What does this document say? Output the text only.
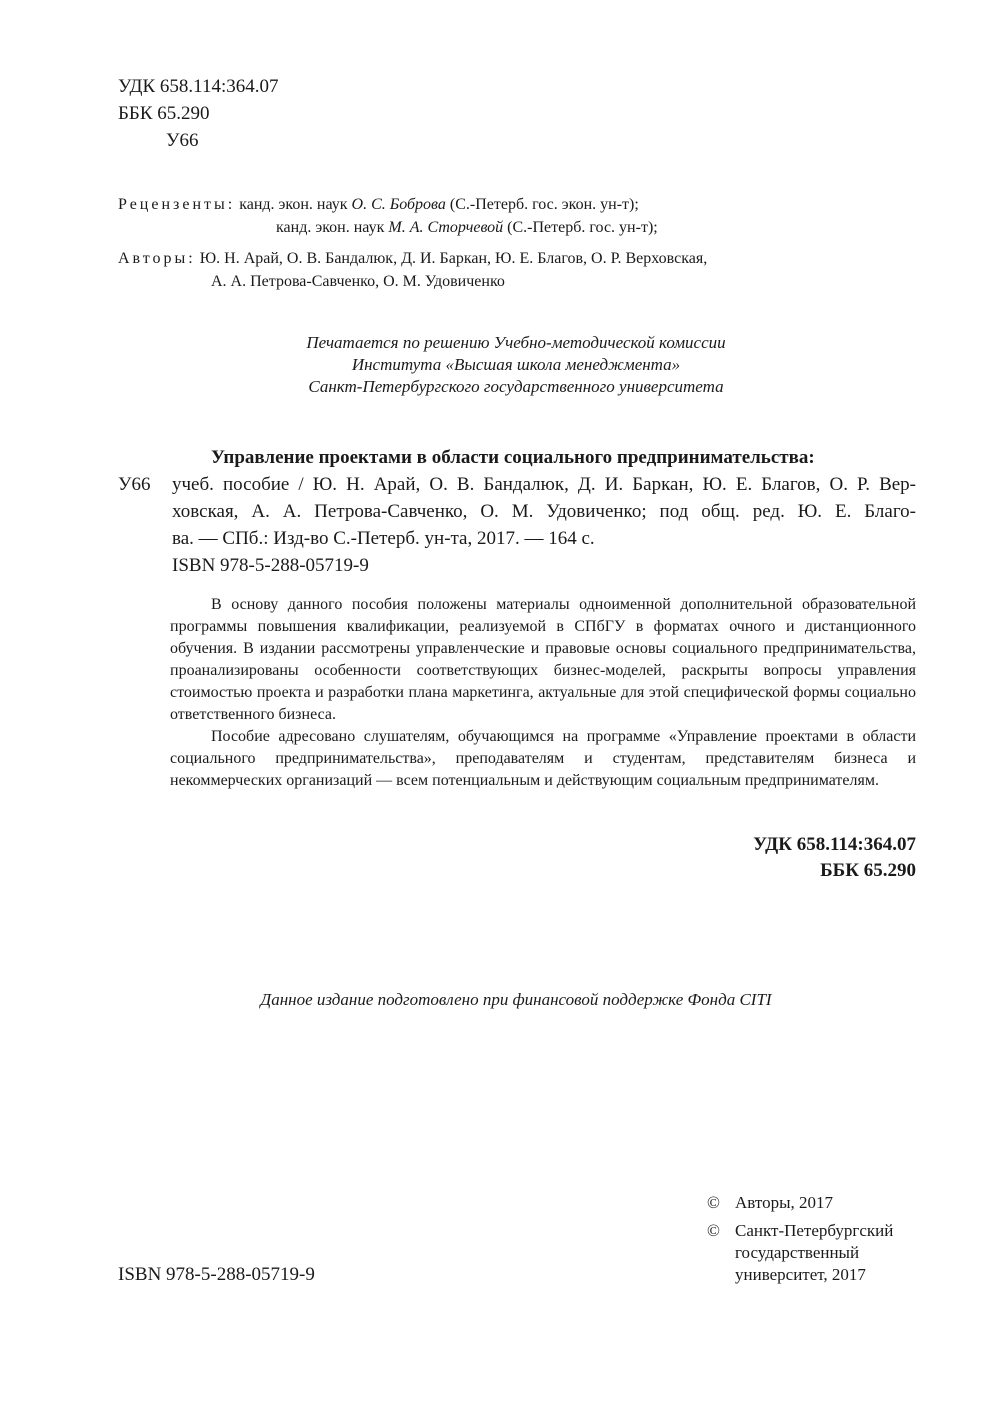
УДК 658.114:364.07
ББК 65.290
У66
Рецензенты: канд. экон. наук О. С. Боброва (С.-Петерб. гос. экон. ун-т);
канд. экон. наук М. А. Сторчевой (С.-Петерб. гос. ун-т);
Авторы: Ю. Н. Арай, О. В. Бандалюк, Д. И. Баркан, Ю. Е. Благов, О. Р. Верховская,
А. А. Петрова-Савченко, О. М. Удовиченко
Печатается по решению Учебно-методической комиссии
Института «Высшая школа менеджмента»
Санкт-Петербургского государственного университета
Управление проектами в области социального предпринимательства:
У66	учеб. пособие / Ю. Н. Арай, О. В. Бандалюк, Д. И. Баркан, Ю. Е. Благов, О. Р. Вер-
ховская, А. А. Петрова-Савченко, О. М. Удовиченко; под общ. ред. Ю. Е. Благо-
ва. — СПб.: Изд-во С.-Петерб. ун-та, 2017. — 164 с.
ISBN 978-5-288-05719-9

В основу данного пособия положены материалы одноименной дополнительной образовательной программы повышения квалификации, реализуемой в СПбГУ в форматах очного и дистанционного обучения. В издании рассмотрены управленческие и правовые основы социального предпринимательства, проанализированы особенности соответствующих бизнес-моделей, раскрыты вопросы управления стоимостью проекта и разработки плана маркетинга, актуальные для этой специфической формы социально ответственного бизнеса.

Пособие адресовано слушателям, обучающимся на программе «Управление проектами в области социального предпринимательства», преподавателям и студентам, представителям бизнеса и некоммерческих организаций — всем потенциальным и действующим социальным предпринимателям.

УДК 658.114:364.07
ББК 65.290
Данное издание подготовлено при финансовой поддержке Фонда CITI
© Авторы, 2017
© Санкт-Петербургский
государственный
университет, 2017
ISBN 978-5-288-05719-9
